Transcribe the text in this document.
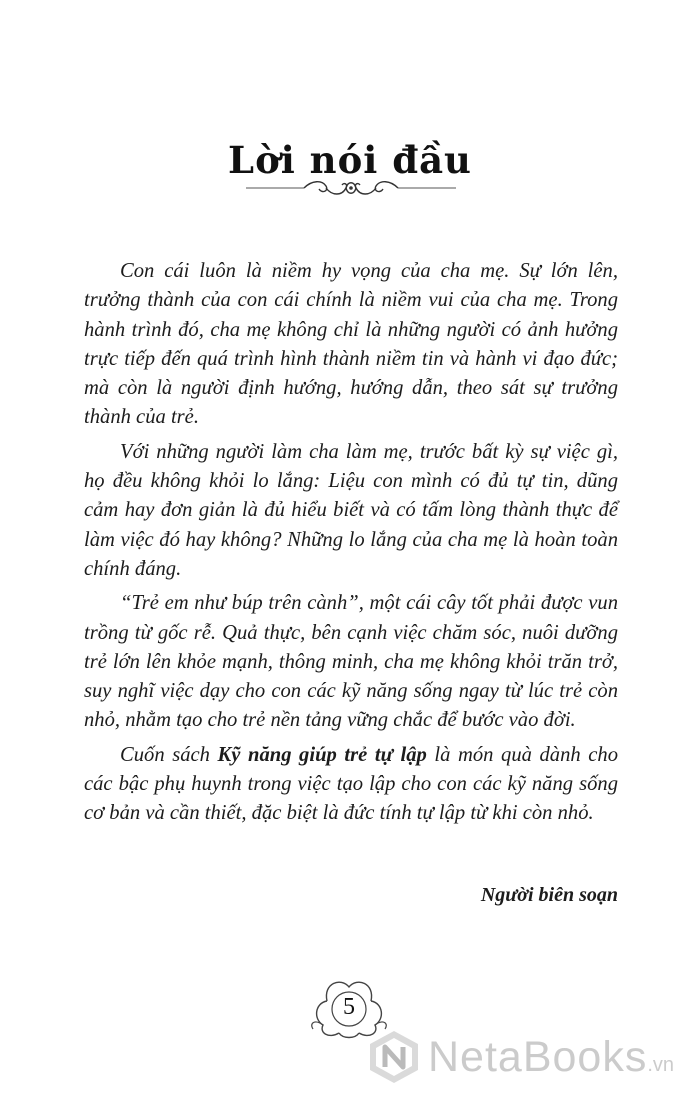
Lời nói đầu

Con cái luôn là niềm hy vọng của cha mẹ. Sự lớn lên, trưởng thành của con cái chính là niềm vui của cha mẹ. Trong hành trình đó, cha mẹ không chỉ là những người có ảnh hưởng trực tiếp đến quá trình hình thành niềm tin và hành vi đạo đức; mà còn là người định hướng, hướng dẫn, theo sát sự trưởng thành của trẻ.

Với những người làm cha làm mẹ, trước bất kỳ sự việc gì, họ đều không khỏi lo lắng: Liệu con mình có đủ tự tin, dũng cảm hay đơn giản là đủ hiểu biết và có tấm lòng thành thực để làm việc đó hay không? Những lo lắng của cha mẹ là hoàn toàn chính đáng.

“Trẻ em như búp trên cành”, một cái cây tốt phải được vun trồng từ gốc rễ. Quả thực, bên cạnh việc chăm sóc, nuôi dưỡng trẻ lớn lên khỏe mạnh, thông minh, cha mẹ không khỏi trăn trở, suy nghĩ việc dạy cho con các kỹ năng sống ngay từ lúc trẻ còn nhỏ, nhằm tạo cho trẻ nền tảng vững chắc để bước vào đời.

Cuốn sách Kỹ năng giúp trẻ tự lập là món quà dành cho các bậc phụ huynh trong việc tạo lập cho con các kỹ năng sống cơ bản và cần thiết, đặc biệt là đức tính tự lập từ khi còn nhỏ.

Người biên soạn
5
NetaBooks.vn
